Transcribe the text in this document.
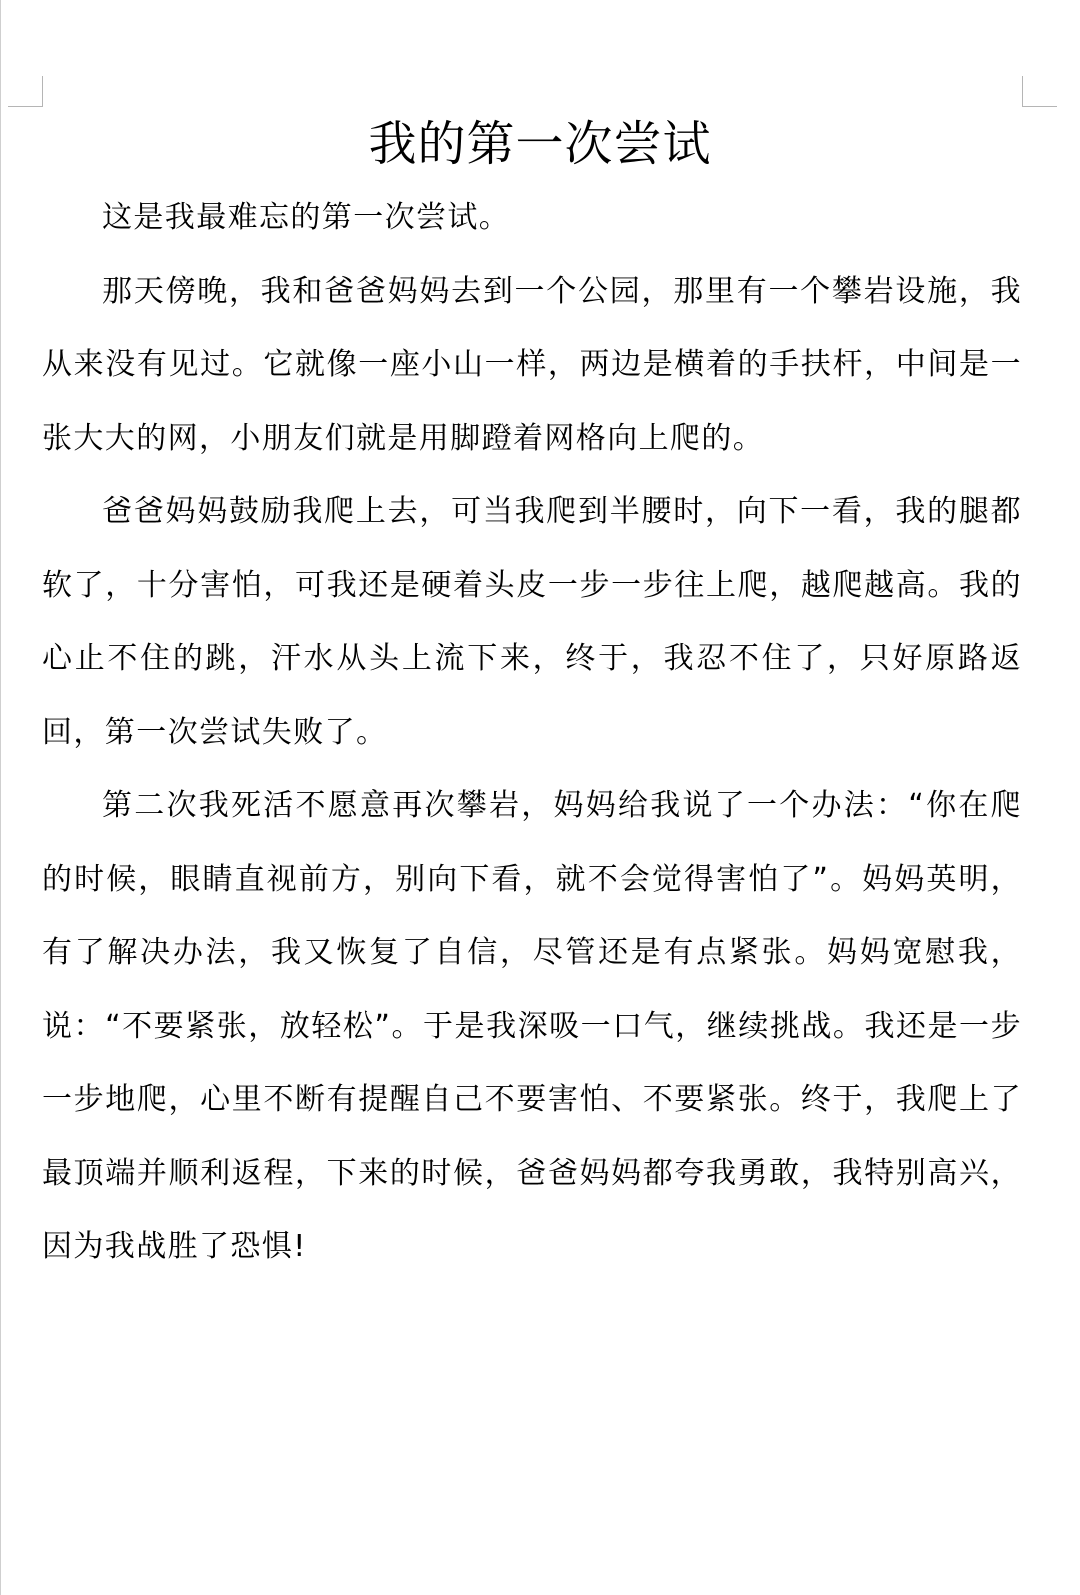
我的第一次尝试

这是我最难忘的第一次尝试。

那天傍晚，我和爸爸妈妈去到一个公园，那里有一个攀岩设施，我从来没有见过。它就像一座小山一样，两边是横着的手扶杆，中间是一张大大的网，小朋友们就是用脚蹬着网格向上爬的。

爸爸妈妈鼓励我爬上去，可当我爬到半腰时，向下一看，我的腿都软了，十分害怕，可我还是硬着头皮一步一步往上爬，越爬越高。我的心止不住的跳，汗水从头上流下来，终于，我忍不住了，只好原路返回，第一次尝试失败了。

第二次我死活不愿意再次攀岩，妈妈给我说了一个办法：“你在爬的时候，眼睛直视前方，别向下看，就不会觉得害怕了”。妈妈英明，有了解决办法，我又恢复了自信，尽管还是有点紧张。妈妈宽慰我，说：“不要紧张，放轻松”。于是我深吸一口气，继续挑战。我还是一步一步地爬，心里不断有提醒自己不要害怕、不要紧张。终于，我爬上了最顶端并顺利返程，下来的时候，爸爸妈妈都夸我勇敢，我特别高兴，因为我战胜了恐惧!
